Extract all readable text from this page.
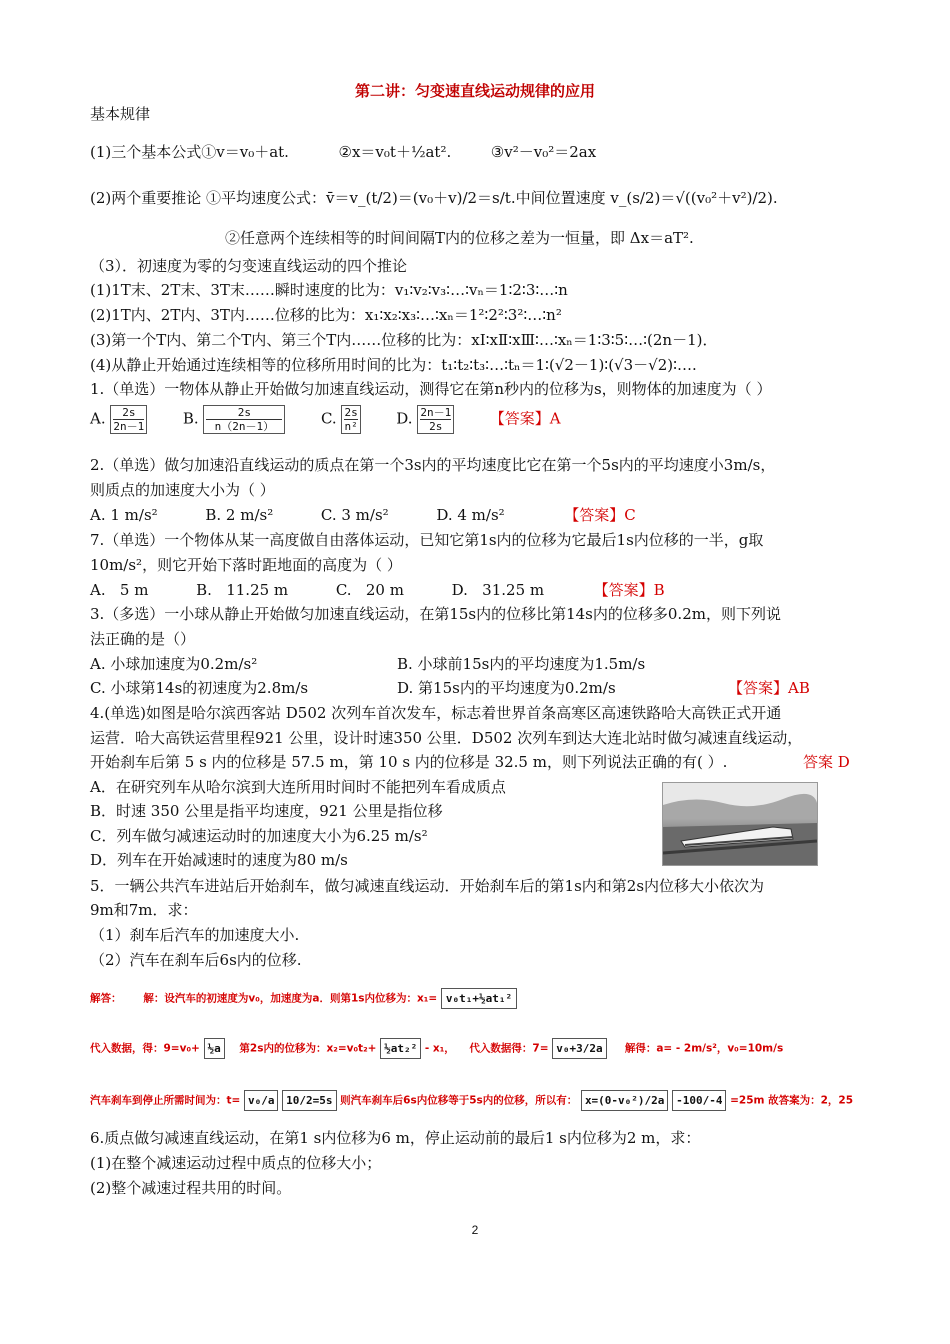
第二讲：匀变速直线运动规律的应用
基本规律
(1)三个基本公式①v＝v₀＋at.	②x＝v₀t＋½at².	③v²－v₀²＝2ax
(2)两个重要推论 ①平均速度公式：v̄＝v_(t/2)＝(v₀＋v)/2＝s/t.中间位置速度 v_(s/2)＝√((v₀²＋v²)/2).
②任意两个连续相等的时间间隔T内的位移之差为一恒量，即 Δx＝aT².
（3）．初速度为零的匀变速直线运动的四个推论
(1)1T末、2T末、3T末……瞬时速度的比为：v₁∶v₂∶v₃∶…∶vₙ＝1∶2∶3∶…∶n
(2)1T内、2T内、3T内……位移的比为：x₁∶x₂∶x₃∶…∶xₙ＝1²∶2²∶3²∶…∶n²
(3)第一个T内、第二个T内、第三个T内……位移的比为：xⅠ∶xⅡ∶xⅢ∶…∶xₙ＝1∶3∶5∶…∶(2n－1)．
(4)从静止开始通过连续相等的位移所用时间的比为：t₁∶t₂∶t₃∶…∶tₙ＝1∶(√2－1)∶(√3－√2)∶….
1.（单选）一物体从静止开始做匀加速直线运动，测得它在第n秒内的位移为s，则物体的加速度为（ ）
A. $\frac{2s}{2n-1} B$. $\frac{2s}{n(2n-1)} C$. $\frac{2s}{\text{n²}} D$. $\frac{2n-1}{2s}$ 【答案】A
2.（单选）做匀加速沿直线运动的质点在第一个3s内的平均速度比它在第一个5s内的平均速度小3m/s，
则质点的加速度大小为（ ）
A. 1 m/s²          B. 2 m/s²          C. 3 m/s²          D. 4 m/s²	【答案】C
7.（单选）一个物体从某一高度做自由落体运动，已知它第1s内的位移为它最后1s内位移的一半，g取
10m/s²，则它开始下落时距地面的高度为（ ）
A.   5 m          B.   11.25 m          C.   20 m          D.   31.25 m	【答案】B
3.（多选）一小球从静止开始做匀加速直线运动，在第15s内的位移比第14s内的位移多0.2m，则下列说
法正确的是（）
A. 小球加速度为0.2m/s²	B. 小球前15s内的平均速度为1.5m/s
C. 小球第14s的初速度为2.8m/s	D. 第15s内的平均速度为0.2m/s	【答案】AB
4.(单选)如图是哈尔滨西客站 D502 次列车首次发车，标志着世界首条高寒区高速铁路哈大高铁正式开通
运营．哈大高铁运营里程921 公里，设计时速350 公里．D502 次列车到达大连北站时做匀减速直线运动，
开始刹车后第 5 s 内的位移是 57.5 m，第 10 s 内的位移是 32.5 m，则下列说法正确的有( ）.	答案 D
A．在研究列车从哈尔滨到大连所用时间时不能把列车看成质点
B．时速 350 公里是指平均速度，921 公里是指位移
C．列车做匀减速运动时的加速度大小为6.25 m/s²
D．列车在开始减速时的速度为80 m/s
5．一辆公共汽车进站后开始刹车，做匀减速直线运动．开始刹车后的第1s内和第2s内位移大小依次为
9m和7m．求：
（1）刹车后汽车的加速度大小.
（2）汽车在刹车后6s内的位移.
解答：      解：设汽车的初速度为v₀，加速度为a．则第1s内位移为：x₁= v₀t₁+½at₁²
代入数据，得：9=v₀+ ½a    第2s内的位移为：x₂=v₀t₂+ ½at₂² - x₁，    代入数据得：7= v₀+3/2a     解得：a= - 2m/s²，v₀=10m/s
汽车刹车到停止所需时间为：t= v₀/a 10/2=5s 则汽车刹车后6s内位移等于5s内的位移，所以有： x=(0-v₀²)/2a -100/-4 =25m 故答案为：2，25
6.质点做匀减速直线运动，在第1 s内位移为6 m，停止运动前的最后1 s内位移为2 m，求：
(1)在整个减速运动过程中质点的位移大小；
(2)整个减速过程共用的时间。
2
